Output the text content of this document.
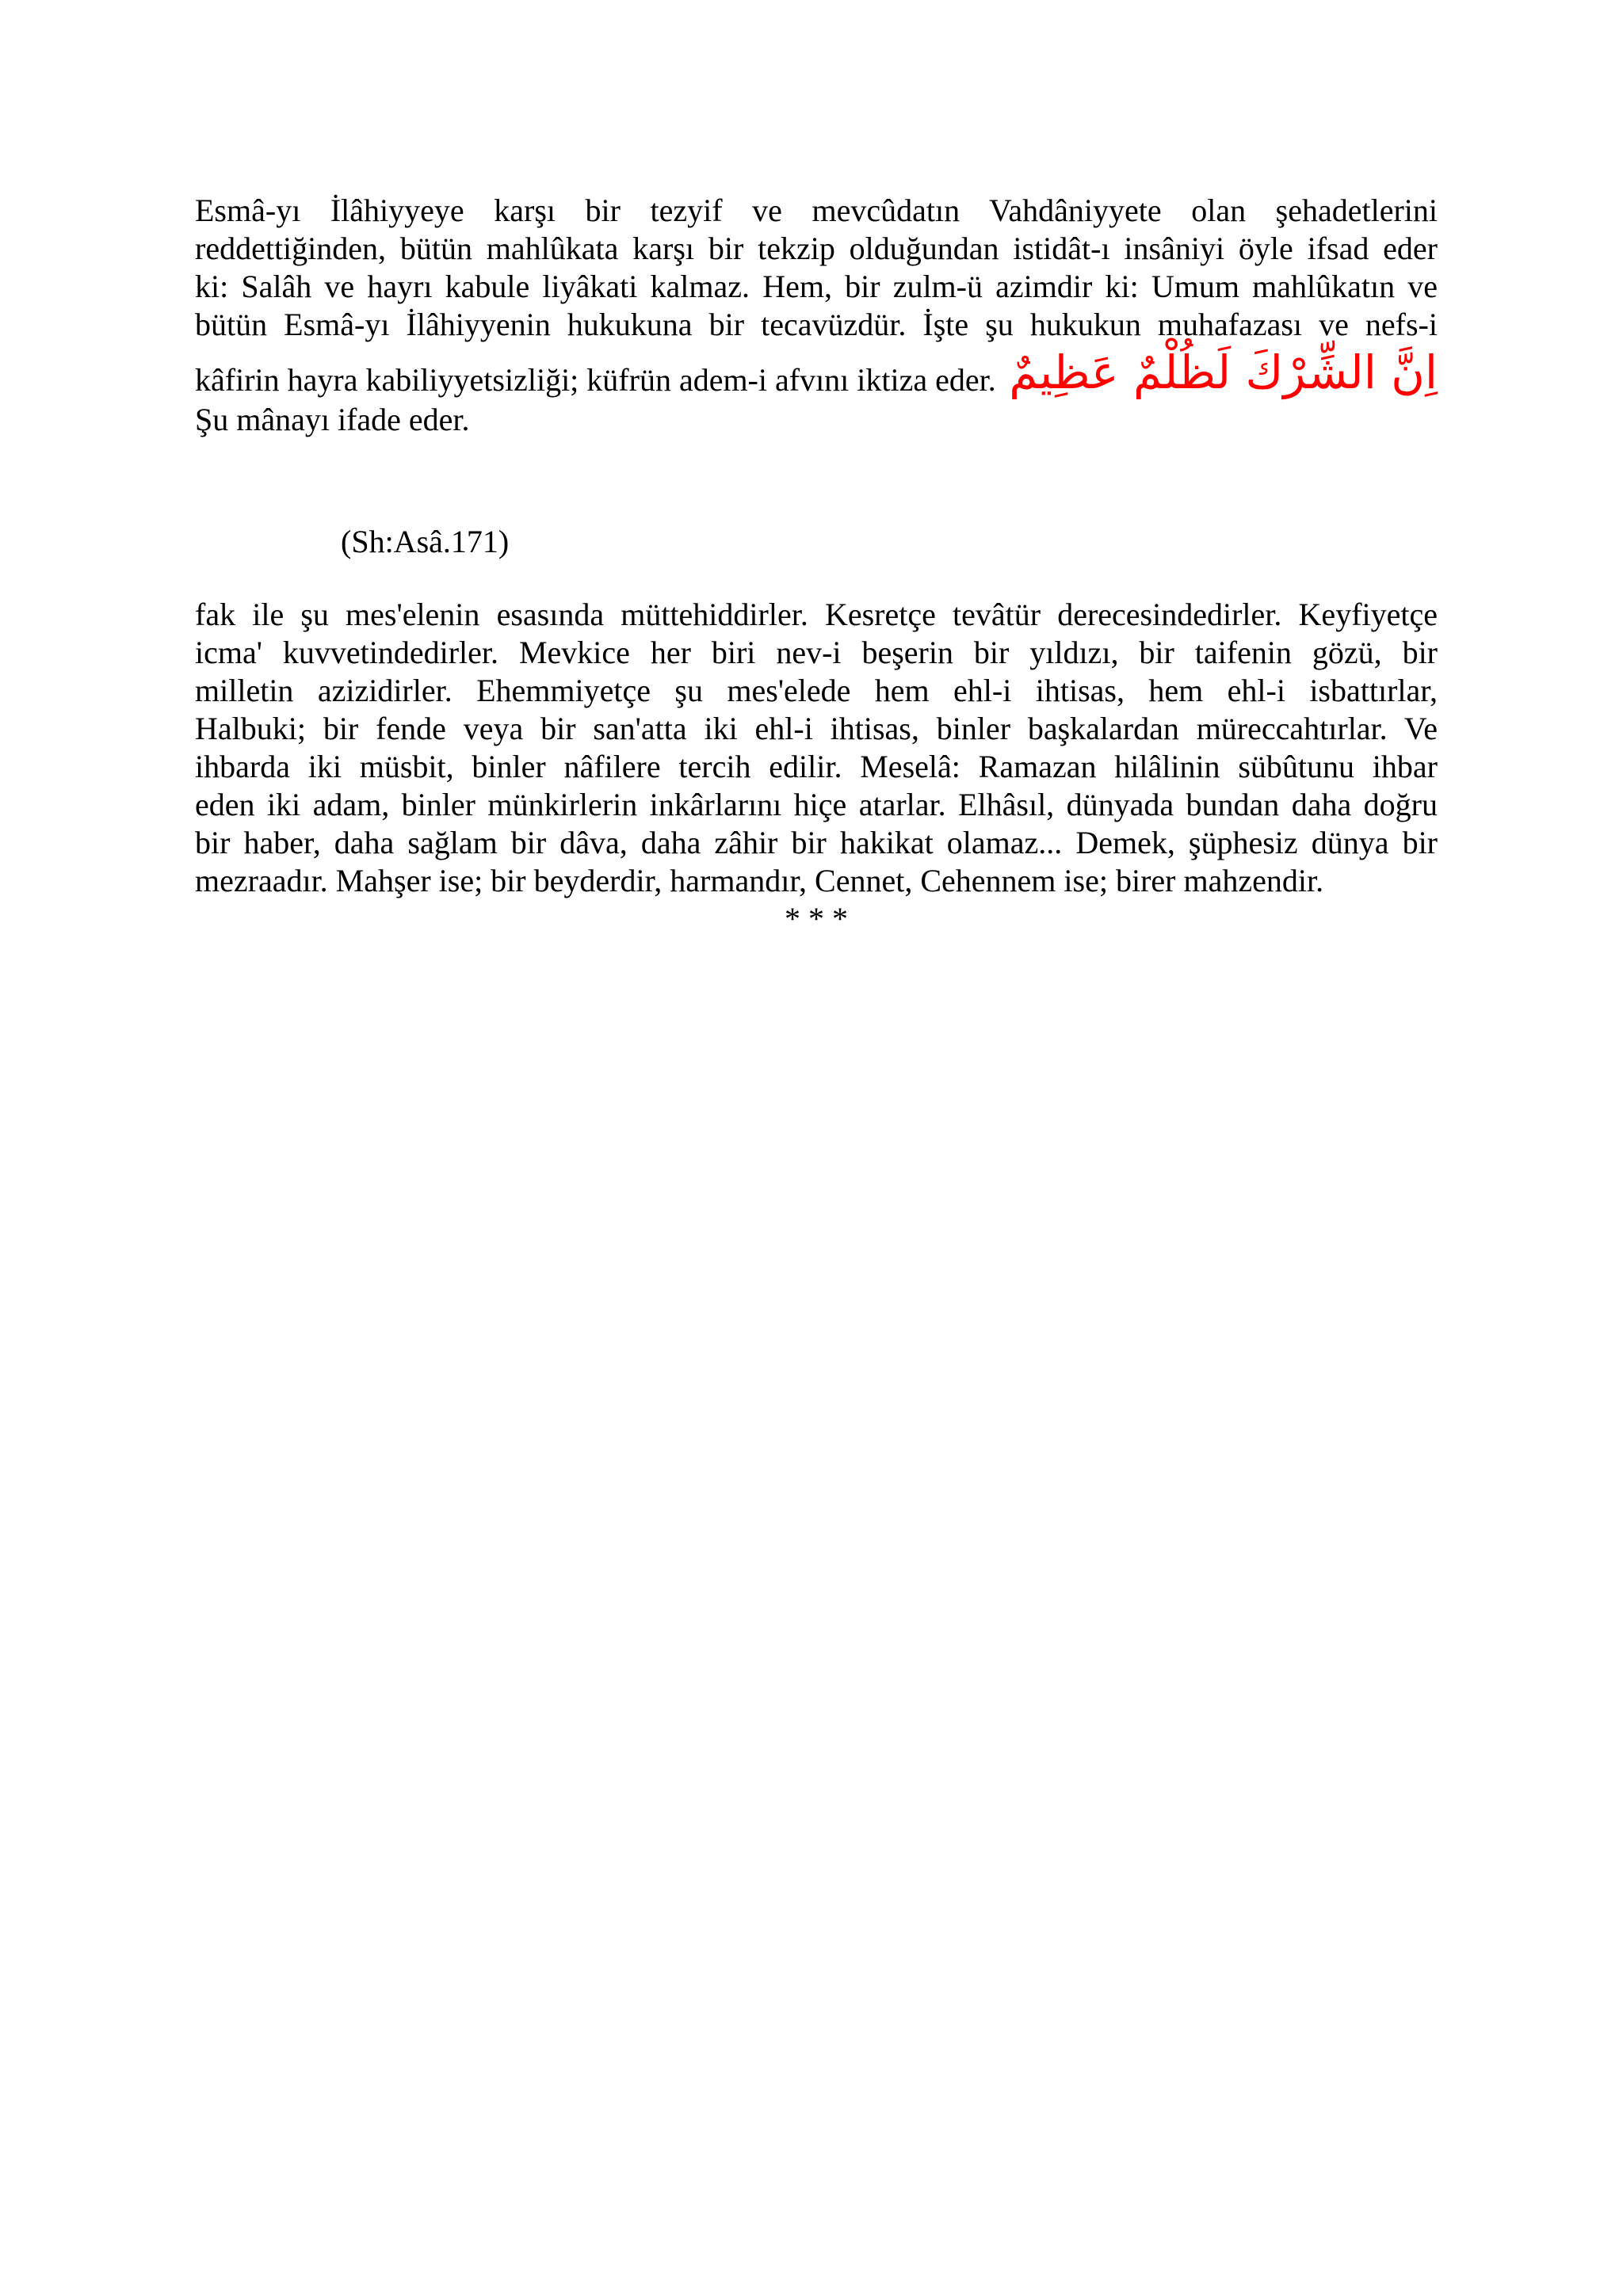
Esmâ-yı İlâhiyyeye karşı bir tezyif ve mevcûdatın Vahdâniyyete olan şehadetlerini
reddettiğinden, bütün mahlûkata karşı bir tekzip olduğundan istidât-ı insâniyi öyle ifsad eder
ki: Salâh ve hayrı kabule liyâkati kalmaz. Hem, bir zulm-ü azimdir ki: Umum mahlûkatın ve
bütün Esmâ-yı İlâhiyyenin hukukuna bir tecavüzdür. İşte şu hukukun muhafazası ve nefs-i
kâfirin hayra kabiliyyetsizliği; küfrün adem-i afvını iktiza eder. اِنَّ الشِّرْكَ لَظُلْمٌ عَظِيمٌ
Şu mânayı ifade eder.
(Sh:Asâ.171)
fak ile şu mes'elenin esasında müttehiddirler. Kesretçe tevâtür derecesindedirler. Keyfiyetçe
icma' kuvvetindedirler. Mevkice her biri nev-i beşerin bir yıldızı, bir taifenin gözü, bir
milletin azizidirler. Ehemmiyetçe şu mes'elede hem ehl-i ihtisas, hem ehl-i isbattırlar,
Halbuki; bir fende veya bir san'atta iki ehl-i ihtisas, binler başkalardan müreccahtırlar. Ve
ihbarda iki müsbit, binler nâfilere tercih edilir. Meselâ: Ramazan hilâlinin sübûtunu ihbar
eden iki adam, binler münkirlerin inkârlarını hiçe atarlar. Elhâsıl, dünyada bundan daha doğru
bir haber, daha sağlam bir dâva, daha zâhir bir hakikat olamaz... Demek, şüphesiz dünya bir
mezraadır. Mahşer ise; bir beyderdir, harmandır, Cennet, Cehennem ise; birer mahzendir.
* * *
